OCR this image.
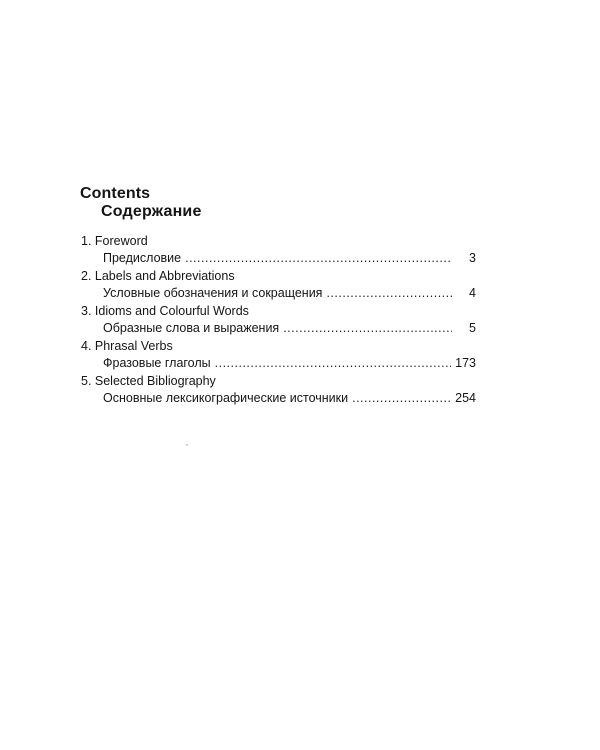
Contents
Содержание
1. Foreword
Предисловие .....	3
2. Labels and Abbreviations
Условные обозначения и сокращения .....	4
3. Idioms and Colourful Words
Образные слова и выражения .....	5
4. Phrasal Verbs
Фразовые глаголы .....	173
5. Selected Bibliography
Основные лексикографические источники .....	254
